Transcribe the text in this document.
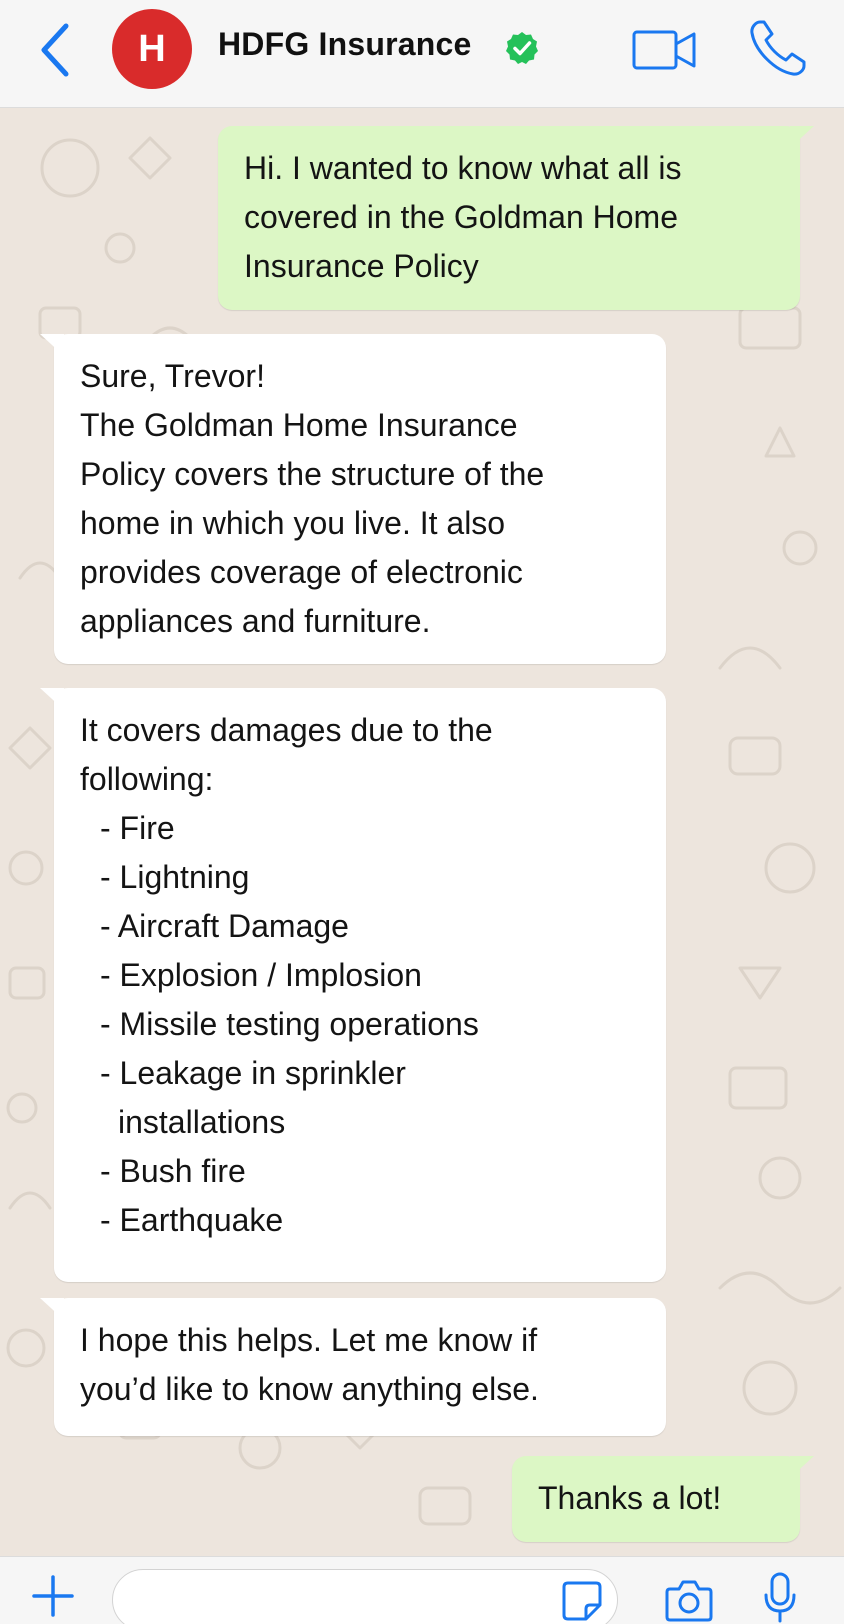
H HDFG Insurance
Hi. I wanted to know what all is
covered in the Goldman Home
Insurance Policy
Sure, Trevor!
The Goldman Home Insurance
Policy covers the structure of the
home in which you live. It also
provides coverage of electronic
appliances and furniture.
It covers damages due to the
following:
- Fire
- Lightning
- Aircraft Damage
- Explosion / Implosion
- Missile testing operations
- Leakage in sprinkler
installations
- Bush fire
- Earthquake
I hope this helps. Let me know if
you’d like to know anything else.
Thanks a lot!
